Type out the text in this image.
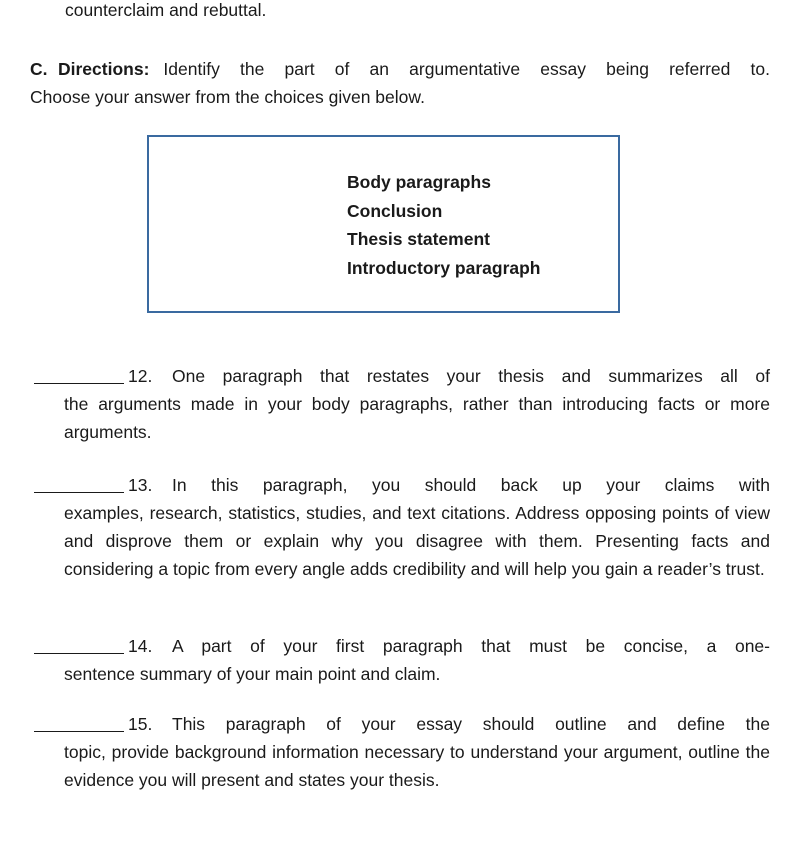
counterclaim and rebuttal.
C. Directions: Identify the part of an argumentative essay being referred to.
Choose your answer from the choices given below.
Body paragraphs
Conclusion
Thesis statement
Introductory paragraph
12.	One paragraph that restates your thesis and summarizes all of
the arguments made in your body paragraphs, rather than introducing facts or more arguments.
13.	In this paragraph, you should back up your claims with
examples, research, statistics, studies, and text citations. Address opposing points of view and disprove them or explain why you disagree with them. Presenting facts and considering a topic from every angle adds credibility and will help you gain a reader’s trust.
14.	A part of your first paragraph that must be concise, a one-
sentence summary of your main point and claim.
15.	This paragraph of your essay should outline and define the
topic, provide background information necessary to understand your argument, outline the evidence you will present and states your thesis.
